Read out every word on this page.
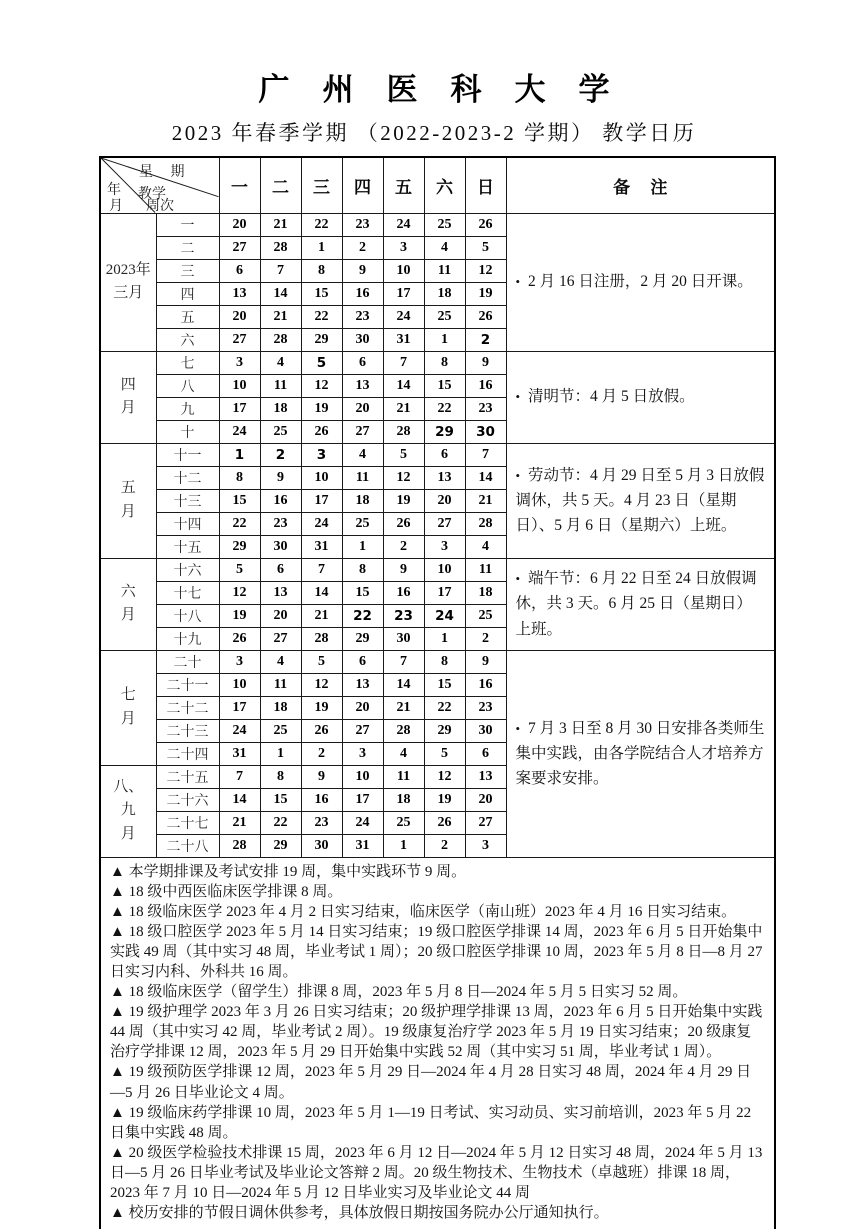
广州医科大学
2023 年春季学期 （2022-2023-2 学期） 教学日历
星 期
年 教学
月 周次		一	二	三	四	五	六	日	备 注

2023年
三月	一	20	21	22	23	24	25	26	• 2 月 16 日注册，2 月 20 日开课。
	二	27	28	1	2	3	4	5	
	三	6	7	8	9	10	11	12	
	四	13	14	15	16	17	18	19	
	五	20	21	22	23	24	25	26	
	六	27	28	29	30	31	1	2	

四
月	七	3	4	5	6	7	8	9	• 清明节：4 月 5 日放假。
	八	10	11	12	13	14	15	16	
	九	17	18	19	20	21	22	23	
	十	24	25	26	27	28	29	30	

五
月	十一	1	2	3	4	5	6	7	• 劳动节：4 月 29 日至 5 月 3 日放假调休，共 5 天。4 月 23 日（星期日）、5 月 6 日（星期六）上班。
	十二	8	9	10	11	12	13	14	
	十三	15	16	17	18	19	20	21	
	十四	22	23	24	25	26	27	28	
	十五	29	30	31	1	2	3	4	

六
月	十六	5	6	7	8	9	10	11	• 端午节：6 月 22 日至 24 日放假调休，共 3 天。6 月 25 日（星期日）上班。
	十七	12	13	14	15	16	17	18	
	十八	19	20	21	22	23	24	25	
	十九	26	27	28	29	30	1	2	

七
月	二十	3	4	5	6	7	8	9	• 7 月 3 日至 8 月 30 日安排各类师生集中实践，由各学院结合人才培养方案要求安排。
	二十一	10	11	12	13	14	15	16	
	二十二	17	18	19	20	21	22	23	
	二十三	24	25	26	27	28	29	30	
	二十四	31	1	2	3	4	5	6	

八、
九
月	二十五	7	8	9	10	11	12	13	
	二十六	14	15	16	17	18	19	20	
	二十七	21	22	23	24	25	26	27	
	二十八	28	29	30	31	1	2	3	

▲ 本学期排课及考试安排 19 周，集中实践环节 9 周。

▲ 18 级中西医临床医学排课 8 周。

▲ 18 级临床医学 2023 年 4 月 2 日实习结束，临床医学（南山班）2023 年 4 月 16 日实习结束。

▲ 18 级口腔医学 2023 年 5 月 14 日实习结束；19 级口腔医学排课 14 周，2023 年 6 月 5 日开始集中实践 49 周（其中实习 48 周，毕业考试 1 周）；20 级口腔医学排课 10 周，2023 年 5 月 8 日—8 月 27 日实习内科、外科共 16 周。

▲ 18 级临床医学（留学生）排课 8 周，2023 年 5 月 8 日—2024 年 5 月 5 日实习 52 周。

▲ 19 级护理学 2023 年 3 月 26 日实习结束；20 级护理学排课 13 周，2023 年 6 月 5 日开始集中实践 44 周（其中实习 42 周，毕业考试 2 周）。19 级康复治疗学 2023 年 5 月 19 日实习结束；20 级康复治疗学排课 12 周，2023 年 5 月 29 日开始集中实践 52 周（其中实习 51 周，毕业考试 1 周）。

▲ 19 级预防医学排课 12 周，2023 年 5 月 29 日—2024 年 4 月 28 日实习 48 周，2024 年 4 月 29 日—5 月 26 日毕业论文 4 周。

▲ 19 级临床药学排课 10 周，2023 年 5 月 1—19 日考试、实习动员、实习前培训，2023 年 5 月 22 日集中实践 48 周。

▲ 20 级医学检验技术排课 15 周，2023 年 6 月 12 日—2024 年 5 月 12 日实习 48 周，2024 年 5 月 13 日—5 月 26 日毕业考试及毕业论文答辩 2 周。20 级生物技术、生物技术（卓越班）排课 18 周，2023 年 7 月 10 日—2024 年 5 月 12 日毕业实习及毕业论文 44 周

▲ 校历安排的节假日调休供参考，具体放假日期按国务院办公厅通知执行。
